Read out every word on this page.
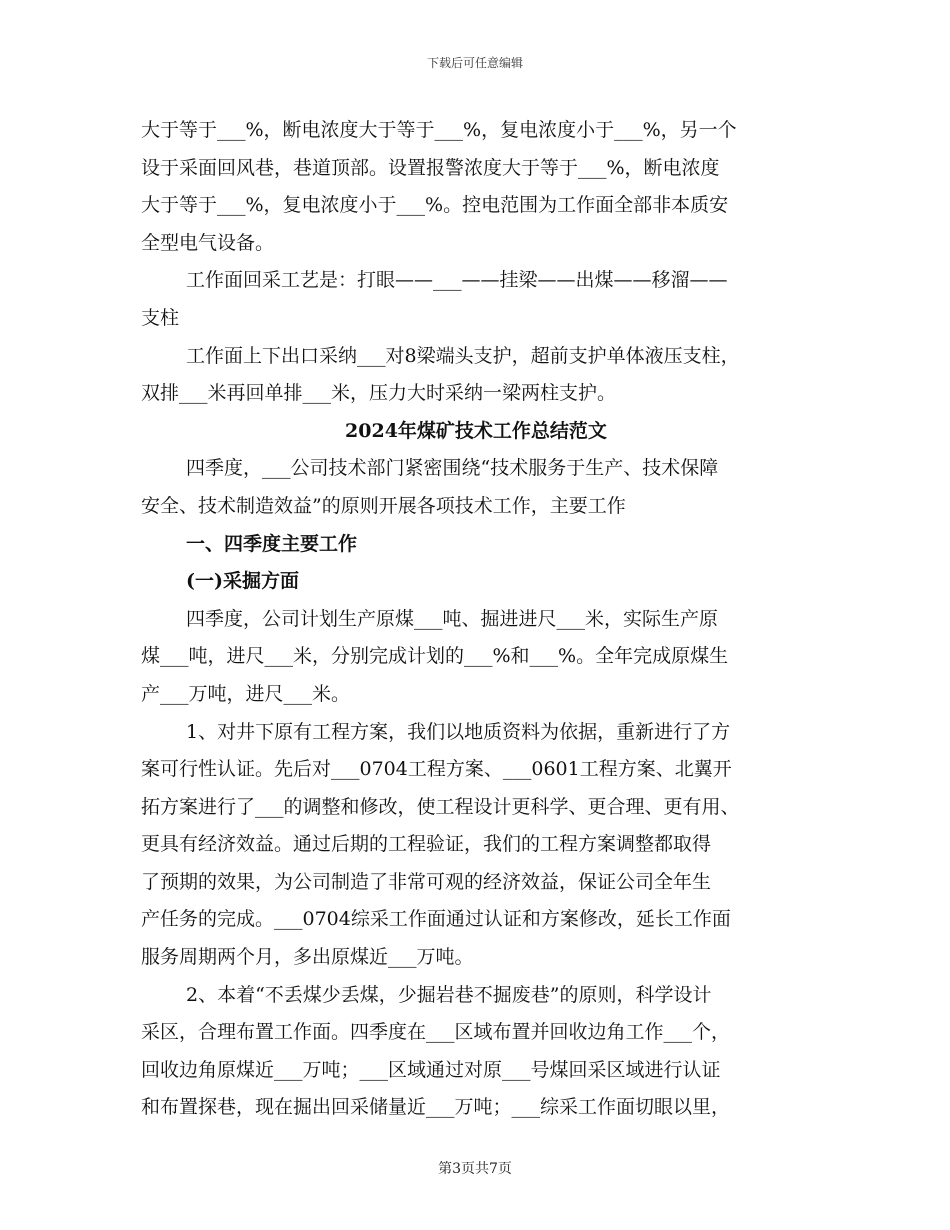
下载后可任意编辑
大于等于___%，断电浓度大于等于___%，复电浓度小于___%，另一个
设于采面回风巷，巷道顶部。设置报警浓度大于等于___%，断电浓度
大于等于___%，复电浓度小于___%。控电范围为工作面全部非本质安
全型电气设备。
工作面回采工艺是：打眼——___——挂梁——出煤——移溜——
支柱
工作面上下出口采纳___对8梁端头支护，超前支护单体液压支柱，
双排___米再回单排___米，压力大时采纳一梁两柱支护。
2024年煤矿技术工作总结范文
四季度，___公司技术部门紧密围绕“技术服务于生产、技术保障
安全、技术制造效益”的原则开展各项技术工作，主要工作
一、四季度主要工作
(一)采掘方面
四季度，公司计划生产原煤___吨、掘进进尺___米，实际生产原
煤___吨，进尺___米，分别完成计划的___%和___%。全年完成原煤生
产___万吨，进尺___米。
1、对井下原有工程方案，我们以地质资料为依据，重新进行了方
案可行性认证。先后对___0704工程方案、___0601工程方案、北翼开
拓方案进行了___的调整和修改，使工程设计更科学、更合理、更有用、
更具有经济效益。通过后期的工程验证，我们的工程方案调整都取得
了预期的效果，为公司制造了非常可观的经济效益，保证公司全年生
产任务的完成。___0704综采工作面通过认证和方案修改，延长工作面
服务周期两个月，多出原煤近___万吨。
2、本着“不丢煤少丢煤，少掘岩巷不掘废巷”的原则，科学设计
采区，合理布置工作面。四季度在___区域布置并回收边角工作___个，
回收边角原煤近___万吨；___区域通过对原___号煤回采区域进行认证
和布置探巷，现在掘出回采储量近___万吨；___综采工作面切眼以里，
第3页共7页
